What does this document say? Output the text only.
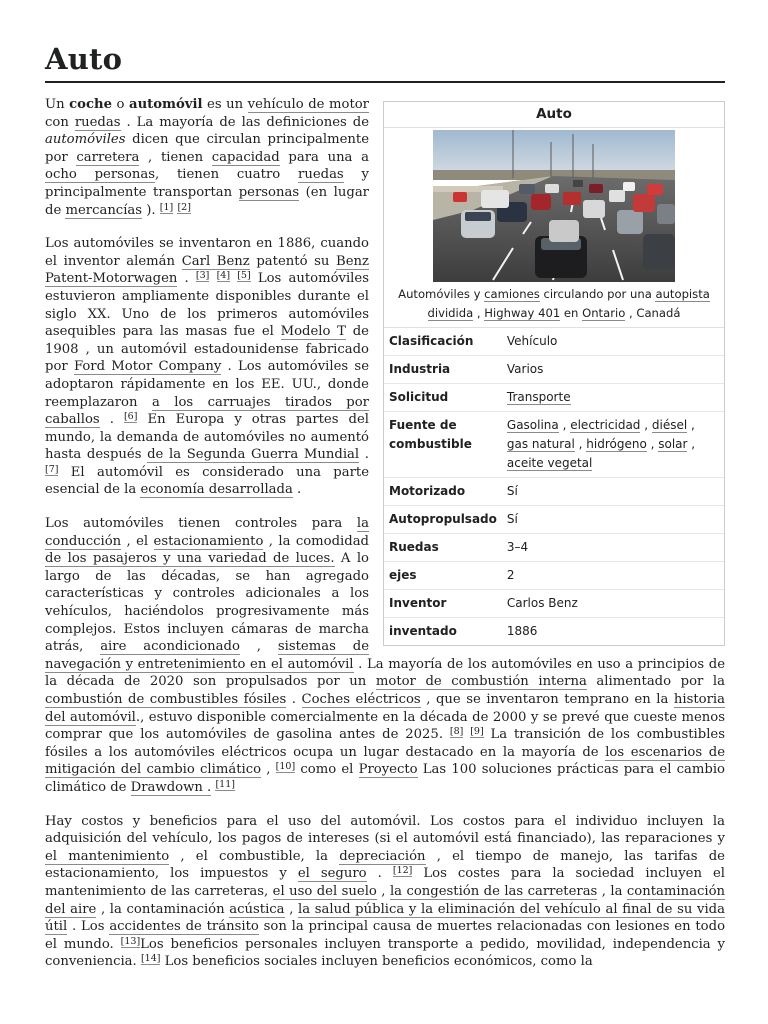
Auto
Auto
Automóviles y camiones circulando por una autopista dividida , Highway 401 en Ontario , Canadá
Clasificación	Vehículo
Industria	Varios
Solicitud	Transporte
Fuente de combustible	Gasolina , electricidad , diésel , gas natural , hidrógeno , solar , aceite vegetal
Motorizado	Sí
Autopropulsado	Sí
Ruedas	3–4
ejes	2
Inventor	Carlos Benz
inventado	1886

Un coche o automóvil es un vehículo de motor con ruedas . La mayoría de las definiciones de automóviles dicen que circulan principalmente por carretera , tienen capacidad para una a ocho personas, tienen cuatro ruedas y principalmente transportan personas (en lugar de mercancías ). [1] [2]

Los automóviles se inventaron en 1886, cuando el inventor alemán Carl Benz patentó su Benz Patent-Motorwagen . [3] [4] [5] Los automóviles estuvieron ampliamente disponibles durante el siglo XX. Uno de los primeros automóviles asequibles para las masas fue el Modelo T de 1908 , un automóvil estadounidense fabricado por Ford Motor Company . Los automóviles se adoptaron rápidamente en los EE. UU., donde reemplazaron a los carruajes tirados por caballos . [6] En Europa y otras partes del mundo, la demanda de automóviles no aumentó hasta después de la Segunda Guerra Mundial . [7] El automóvil es considerado una parte esencial de la economía desarrollada .

Los automóviles tienen controles para la conducción , el estacionamiento , la comodidad de los pasajeros y una variedad de luces. A lo largo de las décadas, se han agregado características y controles adicionales a los vehículos, haciéndolos progresivamente más complejos. Estos incluyen cámaras de marcha atrás, aire acondicionado , sistemas de navegación y entretenimiento en el automóvil . La mayoría de los automóviles en uso a principios de la década de 2020 son propulsados por un motor de combustión interna alimentado por la combustión de combustibles fósiles . Coches eléctricos , que se inventaron temprano en la historia del automóvil., estuvo disponible comercialmente en la década de 2000 y se prevé que cueste menos comprar que los automóviles de gasolina antes de 2025. [8] [9] La transición de los combustibles fósiles a los automóviles eléctricos ocupa un lugar destacado en la mayoría de los escenarios de mitigación del cambio climático , [10] como el Proyecto Las 100 soluciones prácticas para el cambio climático de Drawdown . [11]

Hay costos y beneficios para el uso del automóvil. Los costos para el individuo incluyen la adquisición del vehículo, los pagos de intereses (si el automóvil está financiado), las reparaciones y el mantenimiento , el combustible, la depreciación , el tiempo de manejo, las tarifas de estacionamiento, los impuestos y el seguro . [12] Los costes para la sociedad incluyen el mantenimiento de las carreteras, el uso del suelo , la congestión de las carreteras , la contaminación del aire , la contaminación acústica , la salud pública y la eliminación del vehículo al final de su vida útil . Los accidentes de tránsito son la principal causa de muertes relacionadas con lesiones en todo el mundo. [13]Los beneficios personales incluyen transporte a pedido, movilidad, independencia y conveniencia. [14] Los beneficios sociales incluyen beneficios económicos, como la
